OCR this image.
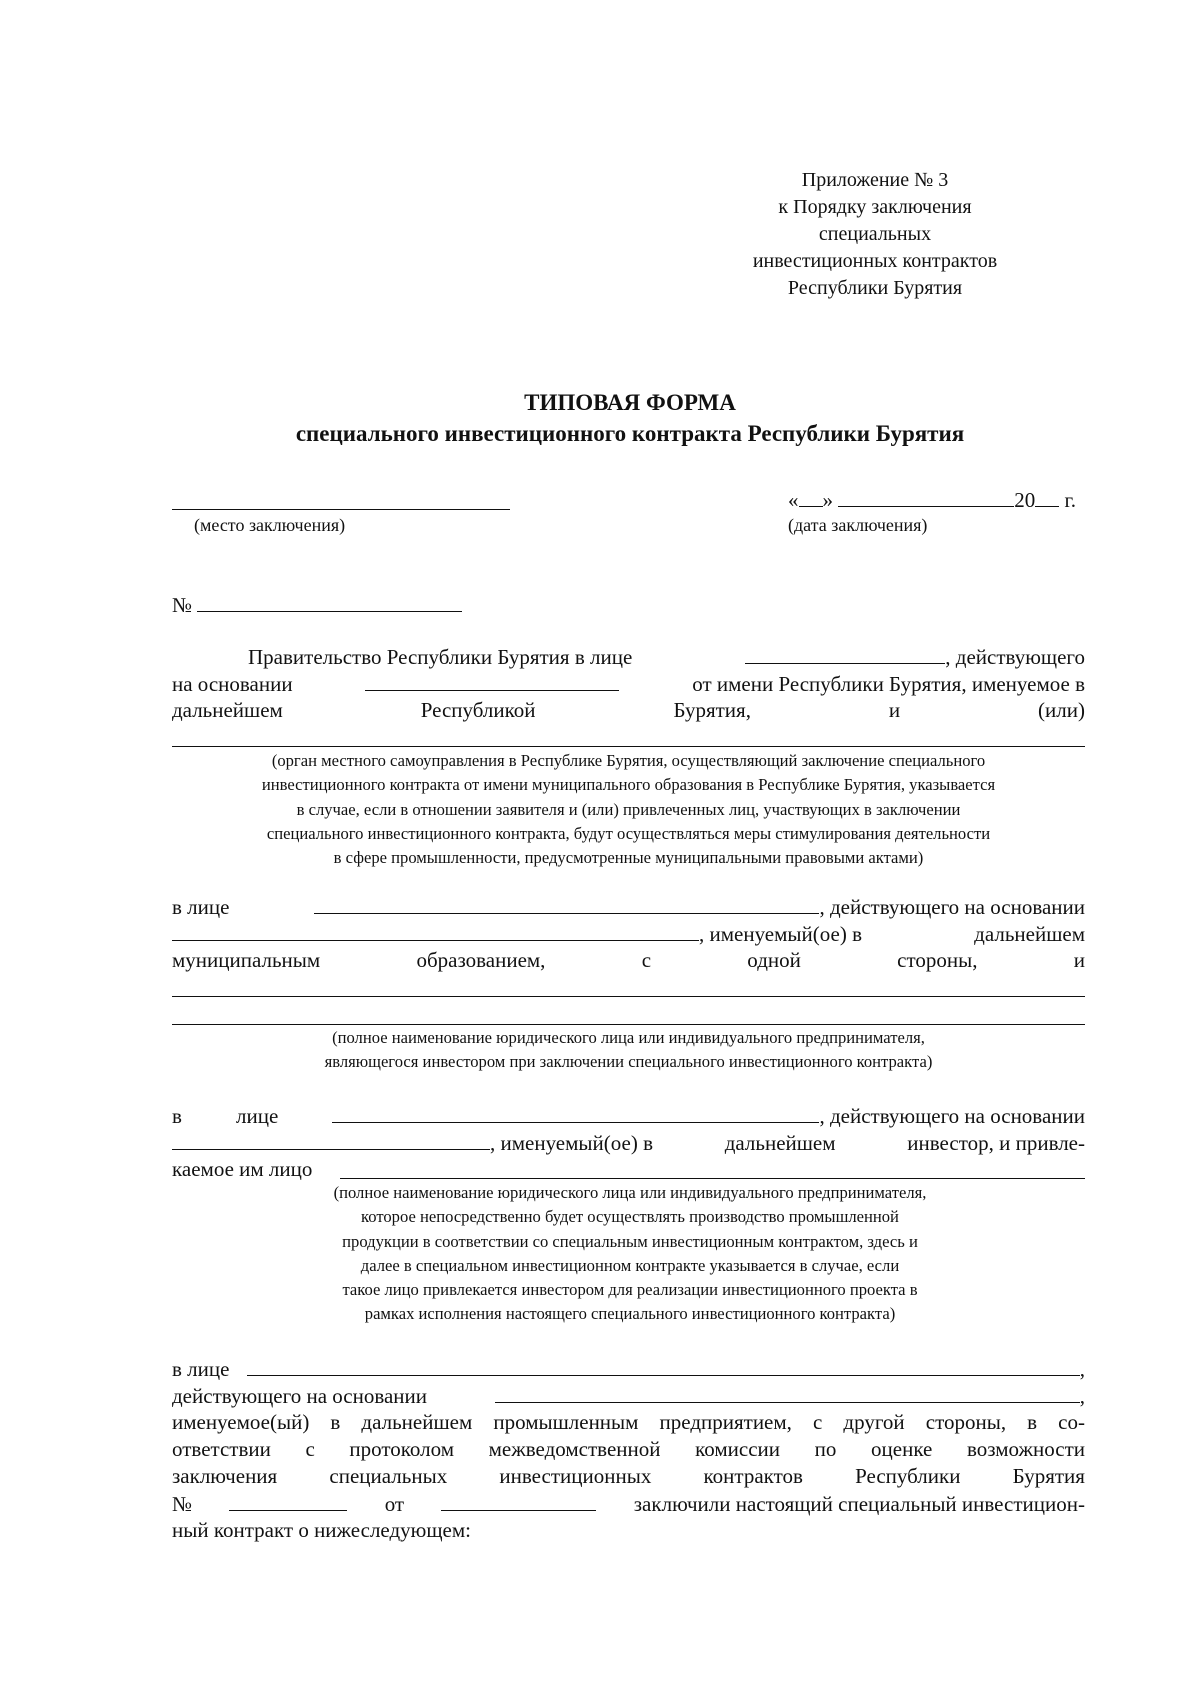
Приложение № 3
к Порядку заключения
специальных
инвестиционных контрактов
Республики Бурятия
ТИПОВАЯ ФОРМА
специального инвестиционного контракта Республики Бурятия
(место заключения)
« »	20 г.
(дата заключения)
№
Правительство Республики Бурятия в лице	, действующего
на основании	от имени Республики Бурятия, именуемое в
дальнейшем	Республикой	Бурятия,	и	(или)
(орган местного самоуправления в Республике Бурятия, осуществляющий заключение специального
инвестиционного контракта от имени муниципального образования в Республике Бурятия, указывается
в случае, если в отношении заявителя и (или) привлеченных лиц, участвующих в заключении
специального инвестиционного контракта, будут осуществляться меры стимулирования деятельности
в сфере промышленности, предусмотренные муниципальными правовыми актами)
в лице	, действующего на основании
, именуемый(ое) в	дальнейшем
муниципальным	образованием,	с	одной	стороны,	и
(полное наименование юридического лица или индивидуального предпринимателя,
являющегося инвестором при заключении специального инвестиционного контракта)
в	лице	, действующего на основании
, именуемый(ое) в	дальнейшем	инвестор, и привле-
каемое им лицо
(полное наименование юридического лица или индивидуального предпринимателя,
которое непосредственно будет осуществлять производство промышленной
продукции в соответствии со специальным инвестиционным контрактом, здесь и
далее в специальном инвестиционном контракте указывается в случае, если
такое лицо привлекается инвестором для реализации инвестиционного проекта в
рамках исполнения настоящего специального инвестиционного контракта)
в лице	,
действующего на основании	,
именуемое(ый) в дальнейшем промышленным предприятием, с другой стороны, в со-
ответствии с протоколом межведомственной комиссии по оценке возможности
заключения специальных инвестиционных контрактов Республики Бурятия
№	от	заключили настоящий специальный инвестицион-
ный контракт о нижеследующем:
